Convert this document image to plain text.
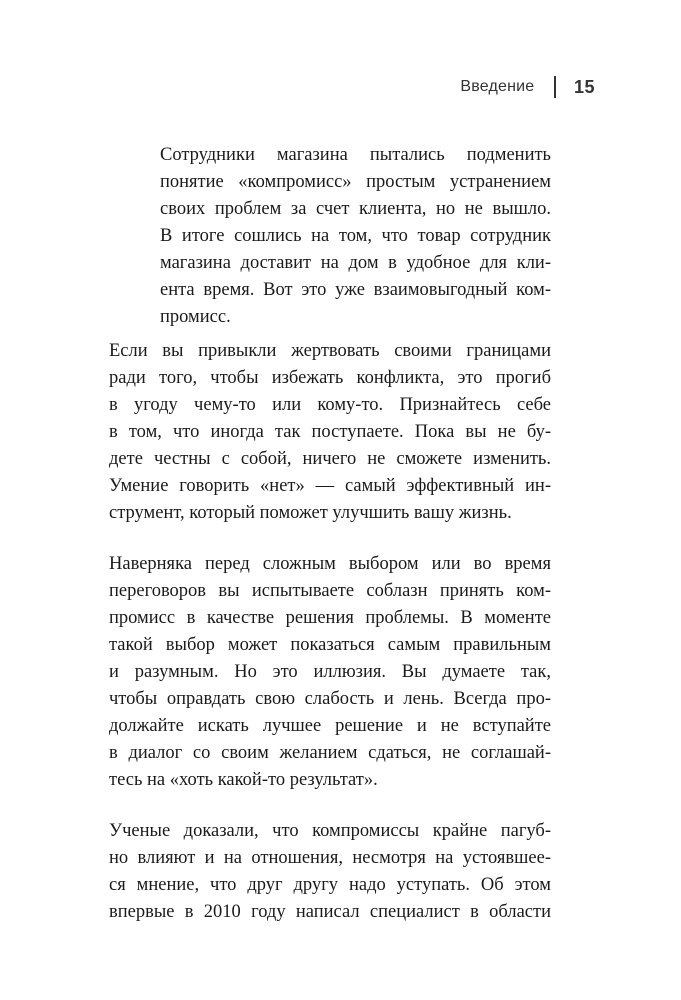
Введение 15

Сотрудники магазина пытались подменить
понятие «компромисс» простым устранением
своих проблем за счет клиента, но не вышло.
В итоге сошлись на том, что товар сотрудник
магазина доставит на дом в удобное для кли-
ента время. Вот это уже взаимовыгодный ком-
промисс.

Если вы привыкли жертвовать своими границами
ради того, чтобы избежать конфликта, это прогиб
в угоду чему-то или кому-то. Признайтесь себе
в том, что иногда так поступаете. Пока вы не бу-
дете честны с собой, ничего не сможете изменить.
Умение говорить «нет» — самый эффективный ин-
струмент, который поможет улучшить вашу жизнь.

Наверняка перед сложным выбором или во время
переговоров вы испытываете соблазн принять ком-
промисс в качестве решения проблемы. В моменте
такой выбор может показаться самым правильным
и разумным. Но это иллюзия. Вы думаете так,
чтобы оправдать свою слабость и лень. Всегда про-
должайте искать лучшее решение и не вступайте
в диалог со своим желанием сдаться, не соглашай-
тесь на «хоть какой-то результат».

Ученые доказали, что компромиссы крайне пагуб-
но влияют и на отношения, несмотря на устоявшее-
ся мнение, что друг другу надо уступать. Об этом
впервые в 2010 году написал специалист в области
